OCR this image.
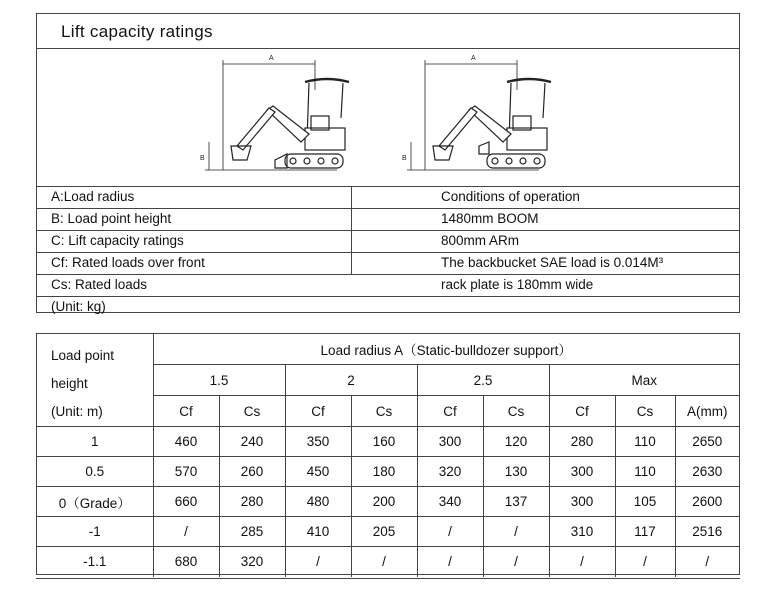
Lift capacity ratings
A
B
A
B
A:Load radius	Conditions of operation
B: Load point height	1480mm BOOM
C: Lift capacity ratings	800mm ARm
Cf: Rated loads over front	The backbucket SAE load is 0.014M³
Cs: Rated loads	rack plate is 180mm wide
(Unit: kg)
Load point
height
(Unit: m)	Load radius A（Static-bulldozer support）								
	1.5		2		2.5		Max		
	Cf	Cs	Cf	Cs	Cf	Cs	Cf	Cs	A(mm)
1	460	240	350	160	300	120	280	110	2650
0.5	570	260	450	180	320	130	300	110	2630
0（Grade）	660	280	480	200	340	137	300	105	2600
-1	/	285	410	205	/	/	310	117	2516
-1.1	680	320	/	/	/	/	/	/	/
